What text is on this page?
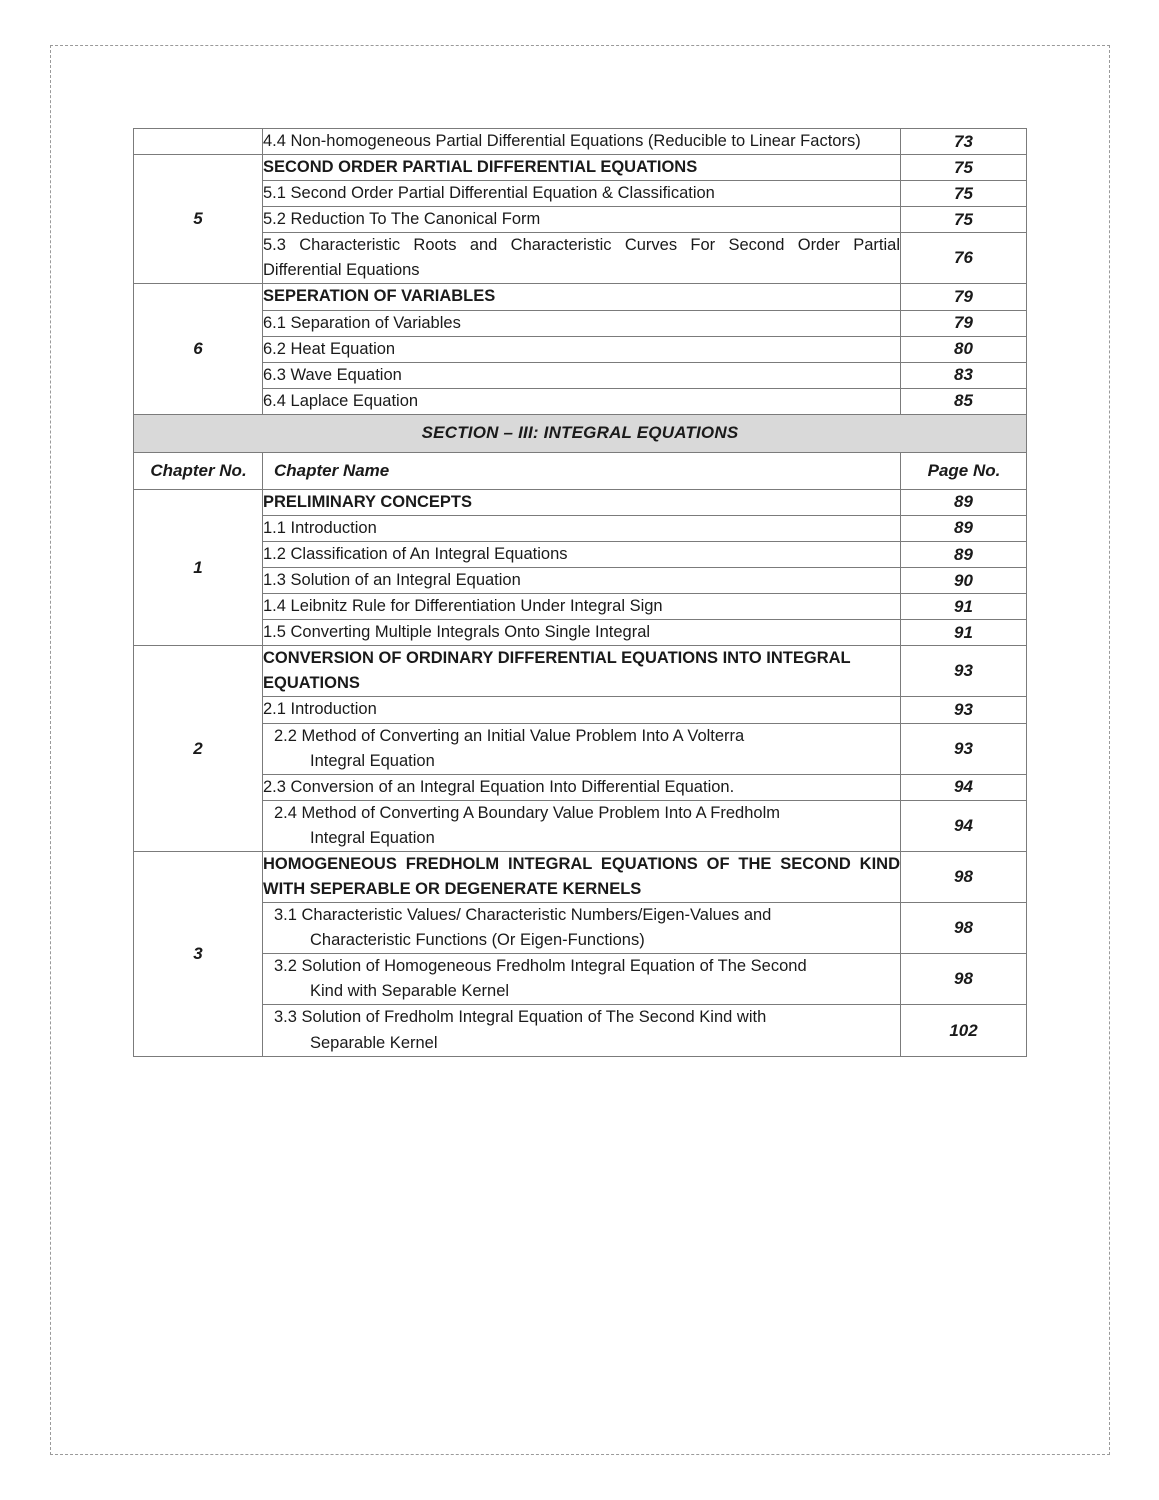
	4.4 Non-homogeneous Partial Differential Equations (Reducible to Linear Factors)	73
5	SECOND ORDER PARTIAL DIFFERENTIAL EQUATIONS	75
	5.1 Second Order Partial Differential Equation & Classification	75
	5.2 Reduction To The Canonical Form	75
	5.3 Characteristic Roots and Characteristic Curves For Second Order Partial Differential Equations	76
6	SEPERATION OF VARIABLES	79
	6.1 Separation of Variables	79
	6.2 Heat Equation	80
	6.3 Wave Equation	83
	6.4 Laplace Equation	85
SECTION – III: INTEGRAL EQUATIONS		
Chapter No.	Chapter Name	Page No.
1	PRELIMINARY CONCEPTS	89
	1.1 Introduction	89
	1.2 Classification of An Integral Equations	89
	1.3 Solution of an Integral Equation	90
	1.4 Leibnitz Rule for Differentiation Under Integral Sign	91
	1.5 Converting Multiple Integrals Onto Single Integral	91
2	CONVERSION OF ORDINARY DIFFERENTIAL EQUATIONS INTO INTEGRAL EQUATIONS	93
	2.1 Introduction	93
	2.2 Method of Converting an Initial Value Problem Into A Volterra
Integral Equation	93
	2.3 Conversion of an Integral Equation Into Differential Equation.	94
	2.4 Method of Converting A Boundary Value Problem Into A Fredholm
Integral Equation	94
3	HOMOGENEOUS FREDHOLM INTEGRAL EQUATIONS OF THE SECOND KIND WITH SEPERABLE OR DEGENERATE KERNELS	98
	3.1 Characteristic Values/ Characteristic Numbers/Eigen-Values and
Characteristic Functions (Or Eigen-Functions)	98
	3.2 Solution of Homogeneous Fredholm Integral Equation of The Second
Kind with Separable Kernel	98
	3.3 Solution of Fredholm Integral Equation of The Second Kind with
Separable Kernel	102
